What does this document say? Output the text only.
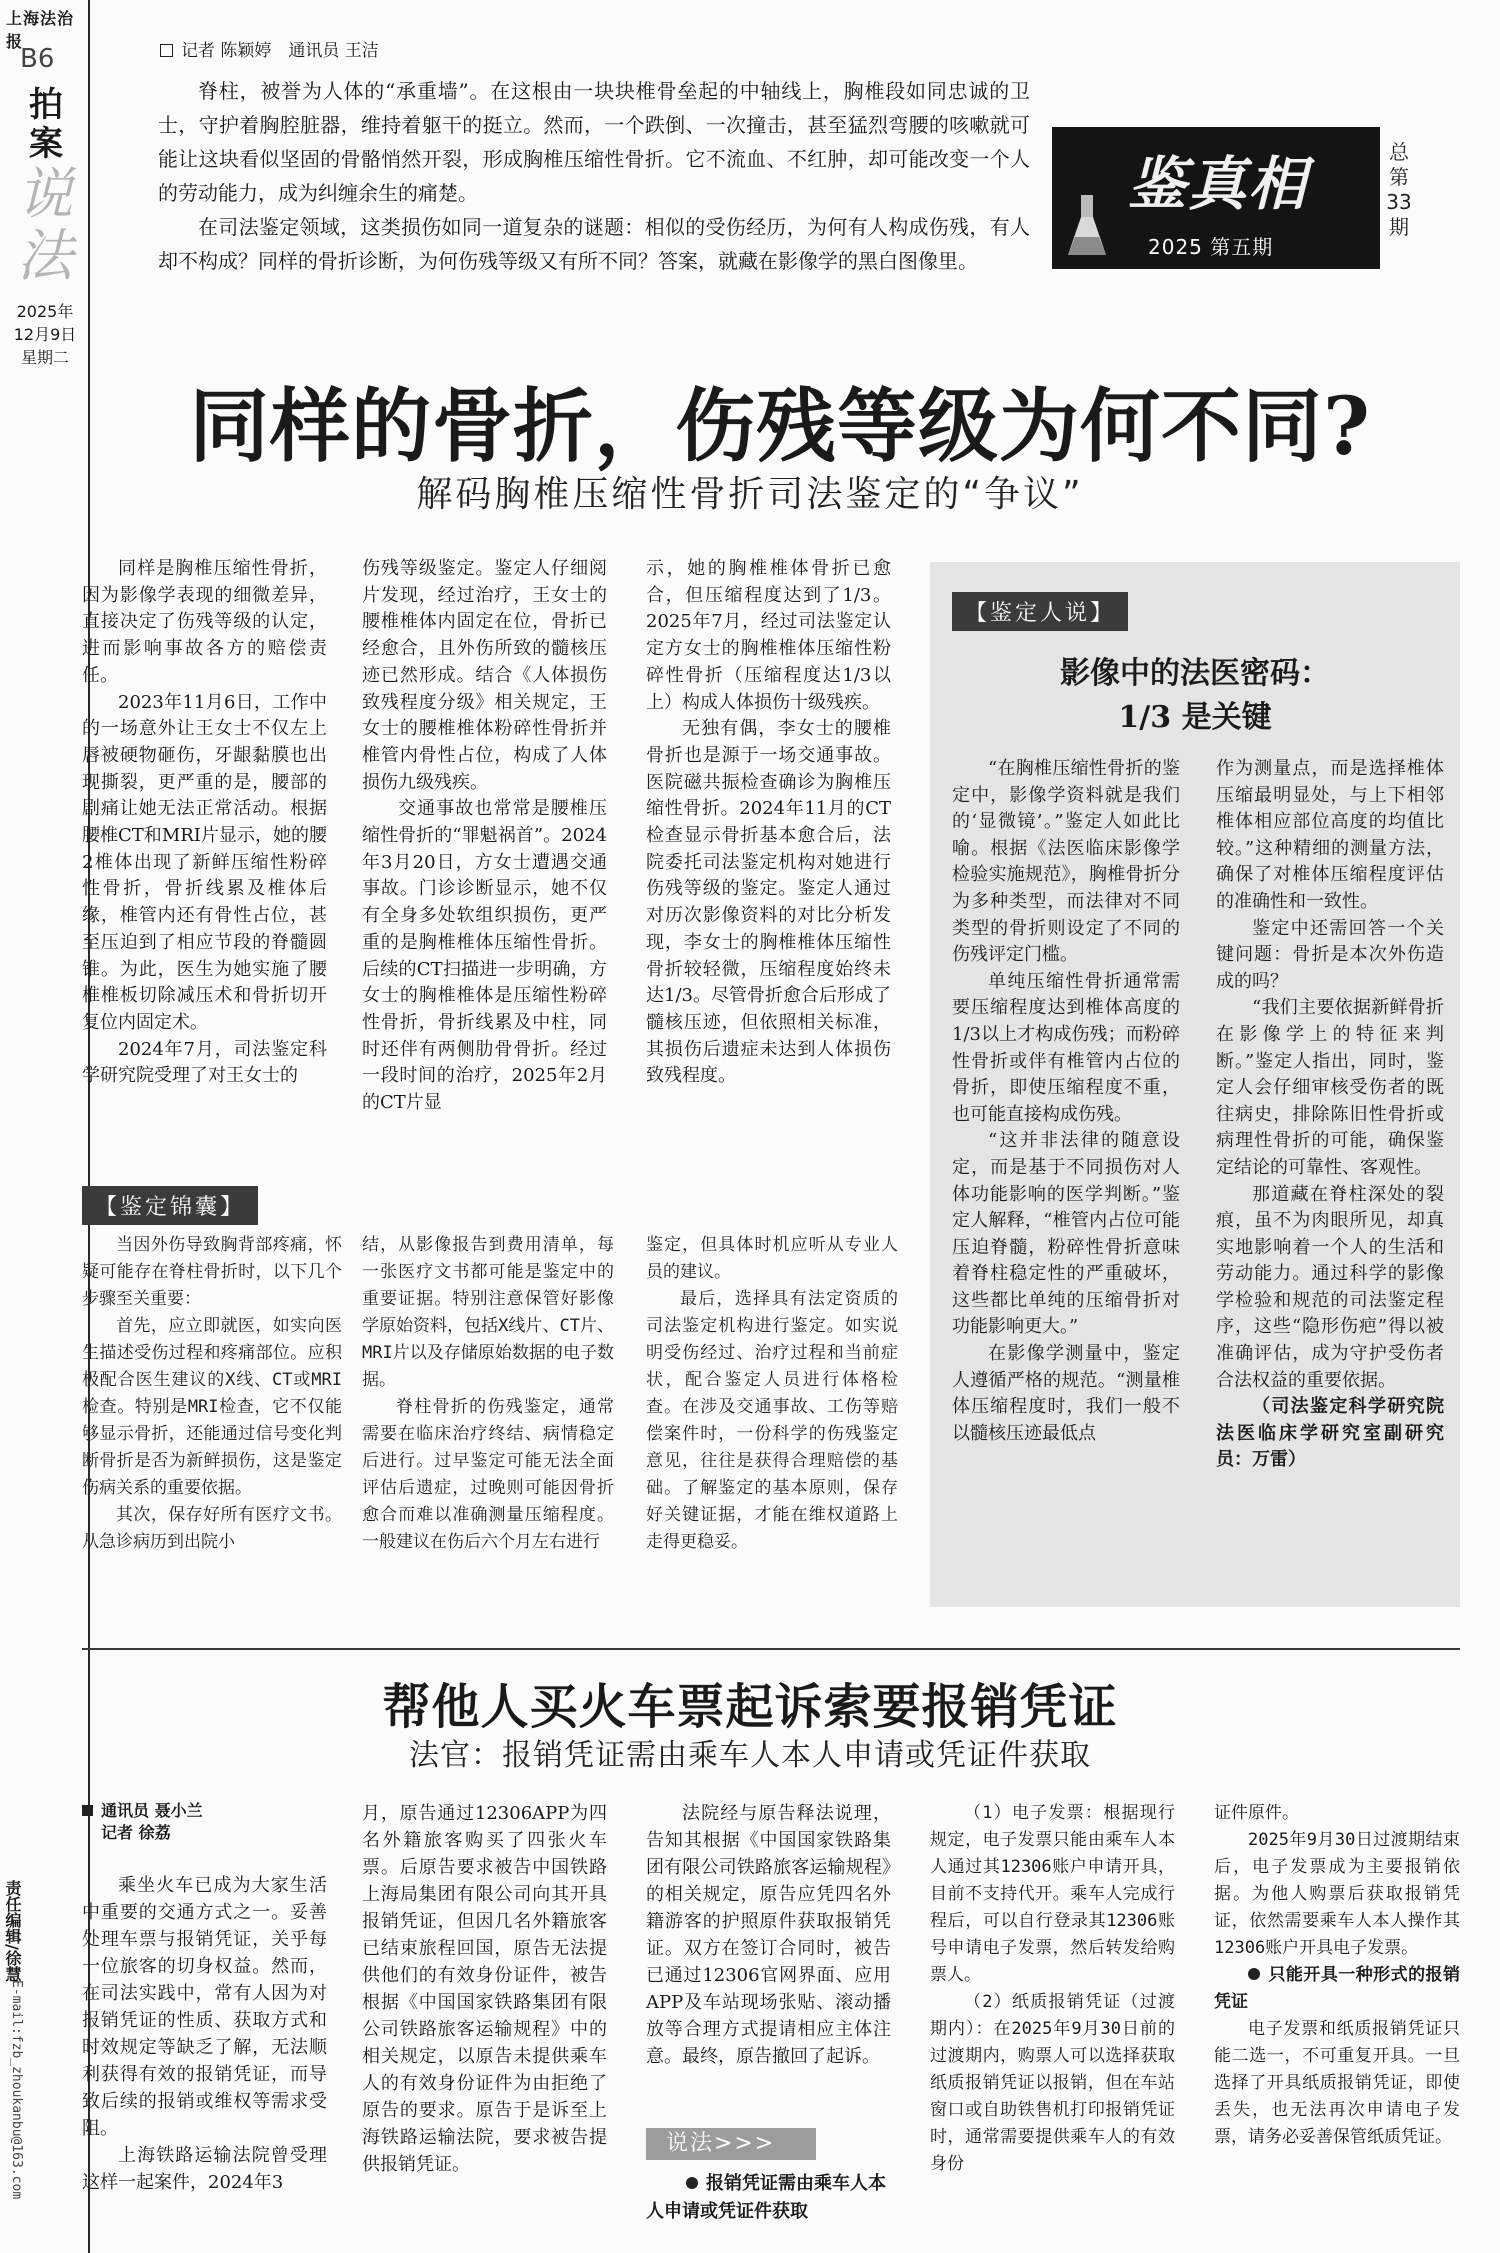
上海法治报
B6
拍案
说法
2025年
12月9日
星期二
责任编辑/徐慧
E-mail:fzb_zhoukanbu@163.com
记者 陈颖婷　通讯员 王洁

脊柱，被誉为人体的“承重墙”。在这根由一块块椎骨垒起的中轴线上，胸椎段如同忠诚的卫士，守护着胸腔脏器，维持着躯干的挺立。然而，一个跌倒、一次撞击，甚至猛烈弯腰的咳嗽就可能让这块看似坚固的骨骼悄然开裂，形成胸椎压缩性骨折。它不流血、不红肿，却可能改变一个人的劳动能力，成为纠缠余生的痛楚。

在司法鉴定领域，这类损伤如同一道复杂的谜题：相似的受伤经历，为何有人构成伤残，有人却不构成？同样的骨折诊断，为何伤残等级又有所不同？答案，就藏在影像学的黑白图像里。

鉴真相
2025 第五期
总
第
33
期
同样的骨折，伤残等级为何不同?
解码胸椎压缩性骨折司法鉴定的“争议”

同样是胸椎压缩性骨折，因为影像学表现的细微差异，直接决定了伤残等级的认定，进而影响事故各方的赔偿责任。

2023年11月6日，工作中的一场意外让王女士不仅左上唇被硬物砸伤，牙龈黏膜也出现撕裂，更严重的是，腰部的剧痛让她无法正常活动。根据腰椎CT和MRI片显示，她的腰2椎体出现了新鲜压缩性粉碎性骨折，骨折线累及椎体后缘，椎管内还有骨性占位，甚至压迫到了相应节段的脊髓圆锥。为此，医生为她实施了腰椎椎板切除减压术和骨折切开复位内固定术。

2024年7月，司法鉴定科学研究院受理了对王女士的

伤残等级鉴定。鉴定人仔细阅片发现，经过治疗，王女士的腰椎椎体内固定在位，骨折已经愈合，且外伤所致的髓核压迹已然形成。结合《人体损伤致残程度分级》相关规定，王女士的腰椎椎体粉碎性骨折并椎管内骨性占位，构成了人体损伤九级残疾。

交通事故也常常是腰椎压缩性骨折的“罪魁祸首”。2024年3月20日，方女士遭遇交通事故。门诊诊断显示，她不仅有全身多处软组织损伤，更严重的是胸椎椎体压缩性骨折。后续的CT扫描进一步明确，方女士的胸椎椎体是压缩性粉碎性骨折，骨折线累及中柱，同时还伴有两侧肋骨骨折。经过一段时间的治疗，2025年2月的CT片显

示，她的胸椎椎体骨折已愈合，但压缩程度达到了1/3。2025年7月，经过司法鉴定认定方女士的胸椎椎体压缩性粉碎性骨折（压缩程度达1/3以上）构成人体损伤十级残疾。

无独有偶，李女士的腰椎骨折也是源于一场交通事故。医院磁共振检查确诊为胸椎压缩性骨折。2024年11月的CT检查显示骨折基本愈合后，法院委托司法鉴定机构对她进行伤残等级的鉴定。鉴定人通过对历次影像资料的对比分析发现，李女士的胸椎椎体压缩性骨折较轻微，压缩程度始终未达1/3。尽管骨折愈合后形成了髓核压迹，但依照相关标准，其损伤后遗症未达到人体损伤致残程度。

【鉴定锦囊】

当因外伤导致胸背部疼痛，怀疑可能存在脊柱骨折时，以下几个步骤至关重要：

首先，应立即就医，如实向医生描述受伤过程和疼痛部位。应积极配合医生建议的X线、CT或MRI检查。特别是MRI检查，它不仅能够显示骨折，还能通过信号变化判断骨折是否为新鲜损伤，这是鉴定伤病关系的重要依据。

其次，保存好所有医疗文书。从急诊病历到出院小

结，从影像报告到费用清单，每一张医疗文书都可能是鉴定中的重要证据。特别注意保管好影像学原始资料，包括X线片、CT片、MRI片以及存储原始数据的电子数据。

脊柱骨折的伤残鉴定，通常需要在临床治疗终结、病情稳定后进行。过早鉴定可能无法全面评估后遗症，过晚则可能因骨折愈合而难以准确测量压缩程度。一般建议在伤后六个月左右进行

鉴定，但具体时机应听从专业人员的建议。

最后，选择具有法定资质的司法鉴定机构进行鉴定。如实说明受伤经过、治疗过程和当前症状，配合鉴定人员进行体格检查。在涉及交通事故、工伤等赔偿案件时，一份科学的伤残鉴定意见，往往是获得合理赔偿的基础。了解鉴定的基本原则，保存好关键证据，才能在维权道路上走得更稳妥。

【鉴定人说】
影像中的法医密码：
1/3 是关键

“在胸椎压缩性骨折的鉴定中，影像学资料就是我们的‘显微镜’。”鉴定人如此比喻。根据《法医临床影像学检验实施规范》，胸椎骨折分为多种类型，而法律对不同类型的骨折则设定了不同的伤残评定门槛。

单纯压缩性骨折通常需要压缩程度达到椎体高度的1/3以上才构成伤残；而粉碎性骨折或伴有椎管内占位的骨折，即使压缩程度不重，也可能直接构成伤残。

“这并非法律的随意设定，而是基于不同损伤对人体功能影响的医学判断。”鉴定人解释，“椎管内占位可能压迫脊髓，粉碎性骨折意味着脊柱稳定性的严重破坏，这些都比单纯的压缩骨折对功能影响更大。”

在影像学测量中，鉴定人遵循严格的规范。“测量椎体压缩程度时，我们一般不以髓核压迹最低点

作为测量点，而是选择椎体压缩最明显处，与上下相邻椎体相应部位高度的均值比较。”这种精细的测量方法，确保了对椎体压缩程度评估的准确性和一致性。

鉴定中还需回答一个关键问题：骨折是本次外伤造成的吗？

“我们主要依据新鲜骨折在影像学上的特征来判断。”鉴定人指出，同时，鉴定人会仔细审核受伤者的既往病史，排除陈旧性骨折或病理性骨折的可能，确保鉴定结论的可靠性、客观性。

那道藏在脊柱深处的裂痕，虽不为肉眼所见，却真实地影响着一个人的生活和劳动能力。通过科学的影像学检验和规范的司法鉴定程序，这些“隐形伤疤”得以被准确评估，成为守护受伤者合法权益的重要依据。

（司法鉴定科学研究院法医临床学研究室副研究员：万雷）

帮他人买火车票起诉索要报销凭证
法官：报销凭证需由乘车人本人申请或凭证件获取
通讯员 聂小兰
记者 徐荔

乘坐火车已成为大家生活中重要的交通方式之一。妥善处理车票与报销凭证，关乎每一位旅客的切身权益。然而，在司法实践中，常有人因为对报销凭证的性质、获取方式和时效规定等缺乏了解，无法顺利获得有效的报销凭证，而导致后续的报销或维权等需求受阻。

上海铁路运输法院曾受理这样一起案件，2024年3

月，原告通过12306APP为四名外籍旅客购买了四张火车票。后原告要求被告中国铁路上海局集团有限公司向其开具报销凭证，但因几名外籍旅客已结束旅程回国，原告无法提供他们的有效身份证件，被告根据《中国国家铁路集团有限公司铁路旅客运输规程》中的相关规定，以原告未提供乘车人的有效身份证件为由拒绝了原告的要求。原告于是诉至上海铁路运输法院，要求被告提供报销凭证。

法院经与原告释法说理，告知其根据《中国国家铁路集团有限公司铁路旅客运输规程》的相关规定，原告应凭四名外籍游客的护照原件获取报销凭证。双方在签订合同时，被告已通过12306官网界面、应用APP及车站现场张贴、滚动播放等合理方式提请相应主体注意。最终，原告撤回了起诉。

说法>>>
报销凭证需由乘车人本人申请或凭证件获取

（1）电子发票：根据现行规定，电子发票只能由乘车人本人通过其12306账户申请开具，目前不支持代开。乘车人完成行程后，可以自行登录其12306账号申请电子发票，然后转发给购票人。

（2）纸质报销凭证（过渡期内）：在2025年9月30日前的过渡期内，购票人可以选择获取纸质报销凭证以报销，但在车站窗口或自助铁售机打印报销凭证时，通常需要提供乘车人的有效身份

证件原件。

2025年9月30日过渡期结束后，电子发票成为主要报销依据。为他人购票后获取报销凭证，依然需要乘车人本人操作其12306账户开具电子发票。

只能开具一种形式的报销凭证

电子发票和纸质报销凭证只能二选一，不可重复开具。一旦选择了开具纸质报销凭证，即使丢失，也无法再次申请电子发票，请务必妥善保管纸质凭证。
